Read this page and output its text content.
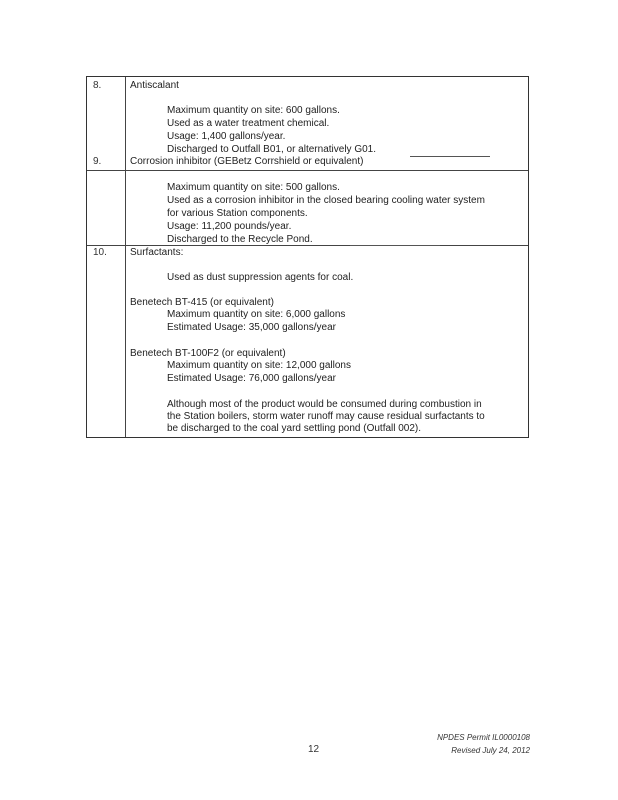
8.	Antiscalant
Maximum quantity on site: 600 gallons.
Used as a water treatment chemical.
Usage: 1,400 gallons/year.
Discharged to Outfall B01, or alternatively G01.
9.	Corrosion inhibitor (GEBetz Corrshield or equivalent)
Maximum quantity on site: 500 gallons.
Used as a corrosion inhibitor in the closed bearing cooling water system
for various Station components.
Usage: 11,200 pounds/year.
Discharged to the Recycle Pond.
10. Surfactants:
Used as dust suppression agents for coal.
Benetech BT-415 (or equivalent)
Maximum quantity on site: 6,000 gallons
Estimated Usage: 35,000 gallons/year
Benetech BT-100F2 (or equivalent)
Maximum quantity on site: 12,000 gallons
Estimated Usage: 76,000 gallons/year
Although most of the product would be consumed during combustion in
the Station boilers, storm water runoff may cause residual surfactants to
be discharged to the coal yard settling pond (Outfall 002).
12
NPDES Permit IL0000108
Revised July 24, 2012
